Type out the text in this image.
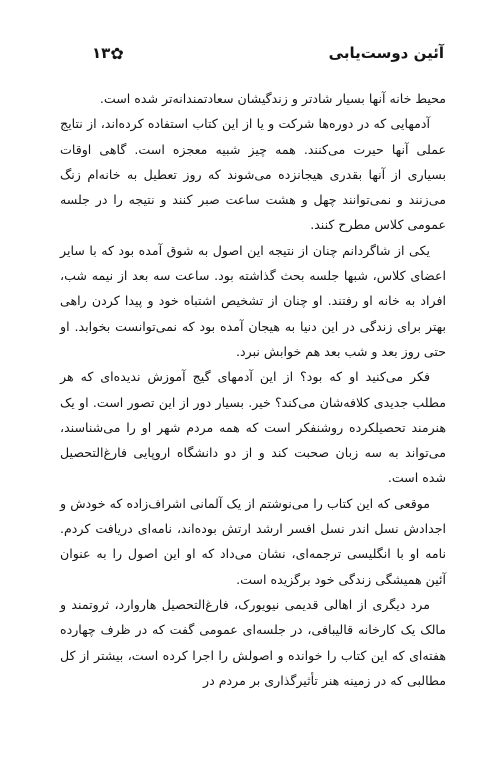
آئین دوست‌یابی
۱۳ ✿

محیط خانه آنها بسیار شادتر و زندگیشان سعادتمندانه‌تر شده است.

آدمهایی که در دوره‌ها شرکت و یا از این کتاب استفاده کرده‌اند، از نتایج عملی آنها حیرت می‌کنند. همه چیز شبیه معجزه است. گاهی اوقات بسیاری از آنها بقدری هیجانزده می‌شوند که روز تعطیل به خانه‌ام زنگ می‌زنند و نمی‌توانند چهل و هشت ساعت صبر کنند و نتیجه را در جلسه عمومی کلاس مطرح کنند.

یکی از شاگردانم چنان از نتیجه این اصول به شوق آمده بود که با سایر اعضای کلاس، شبها جلسه بحث گذاشته بود. ساعت سه بعد از نیمه شب، افراد به خانه او رفتند. او چنان از تشخیص اشتباه خود و پیدا کردن راهی بهتر برای زندگی در این دنیا به هیجان آمده بود که نمی‌توانست بخوابد. او حتی روز بعد و شب بعد هم خوابش نبرد.

فکر می‌کنید او که بود؟ از این آدمهای گیج آموزش ندیده‌ای که هر مطلب جدیدی کلافه‌شان می‌کند؟ خیر. بسیار دور از این تصور است. او یک هنرمند تحصیلکرده روشنفکر است که همه مردم شهر او را می‌شناسند، می‌تواند به سه زبان صحبت کند و از دو دانشگاه اروپایی فارغ‌التحصیل شده است.

موقعی که این کتاب را می‌نوشتم از یک آلمانی اشراف‌زاده که خودش و اجدادش نسل اندر نسل افسر ارشد ارتش بوده‌اند، نامه‌ای دریافت کردم. نامه او با انگلیسی ترجمه‌ای، نشان می‌داد که او این اصول را به عنوان آئین همیشگی زندگی خود برگزیده است.

مرد دیگری از اهالی قدیمی نیویورک، فارغ‌التحصیل هاروارد، ثروتمند و مالک یک کارخانه قالیبافی، در جلسه‌ای عمومی گفت که در ظرف چهارده هفته‌ای که این کتاب را خوانده و اصولش را اجرا کرده است، بیشتر از کل مطالبی که در زمینه هنر تأثیرگذاری بر مردم در
